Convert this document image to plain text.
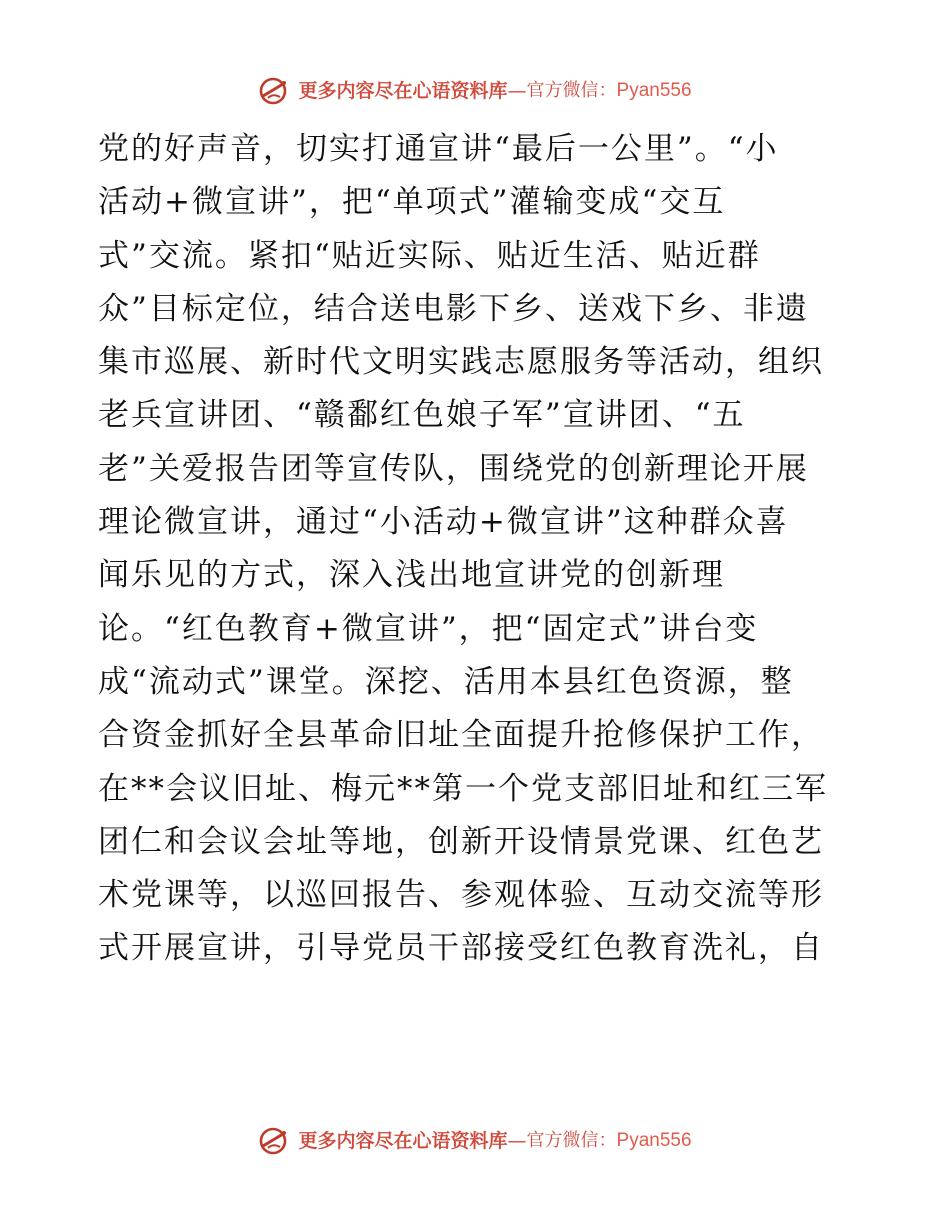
更多内容尽在心语资料库—官方微信：Pyan556
党的好声音，切实打通宣讲“最后一公里”。“小
活动+微宣讲”，把“单项式”灌输变成“交互
式”交流。紧扣“贴近实际、贴近生活、贴近群
众”目标定位，结合送电影下乡、送戏下乡、非遗
集市巡展、新时代文明实践志愿服务等活动，组织
老兵宣讲团、“赣鄱红色娘子军”宣讲团、“五
老”关爱报告团等宣传队，围绕党的创新理论开展
理论微宣讲，通过“小活动+微宣讲”这种群众喜
闻乐见的方式，深入浅出地宣讲党的创新理
论。“红色教育+微宣讲”，把“固定式”讲台变
成“流动式”课堂。深挖、活用本县红色资源，整
合资金抓好全县革命旧址全面提升抢修保护工作，
在**会议旧址、梅元**第一个党支部旧址和红三军
团仁和会议会址等地，创新开设情景党课、红色艺
术党课等，以巡回报告、参观体验、互动交流等形
式开展宣讲，引导党员干部接受红色教育洗礼，自
更多内容尽在心语资料库—官方微信：Pyan556
